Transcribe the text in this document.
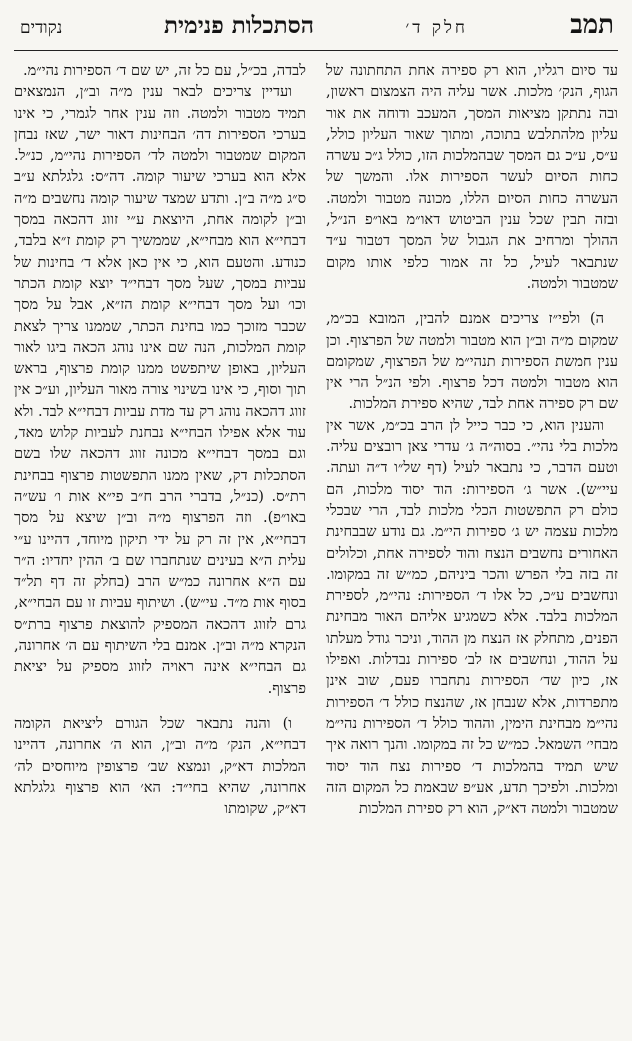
תמב
חלק ד׳
הסתכלות פנימית
נקודים

עד סיום רגליו, הוא רק ספירה אחת התחתונה של הגוף, הנק׳ מלכות. אשר עליה היה הצמצום ראשון, ובה נתתקן מציאות המסך, המעכב ודוחה את אור עליון מלהתלבש בתוכה, ומתוך שאור העליון כולל, ע״ס, ע״כ גם המסך שבהמלכות הזו, כולל ג״כ עשרה כחות הסיום לעשר הספירות אלו. והמשך של העשרה כחות הסיום הללו, מכונה מטבור ולמטה. ובזה תבין שכל ענין הביטוש דאו״מ באו״פ הנ״ל, ההולך ומרחיב את הגבול של המסך דטבור ע״ד שנתבאר לעיל, כל זה אמור כלפי אותו מקום שמטבור ולמטה.

ה) ולפי״ז צריכים אמנם להבין, המובא בכ״מ, שמקום מ״ה וב״ן הוא מטבור ולמטה של הפרצוף. וכן ענין חמשת הספירות תנהי״מ של הפרצוף, שמקומם הוא מטבור ולמטה דכל פרצוף. ולפי הנ״ל הרי אין שם רק ספירה אחת לבד, שהיא ספירת המלכות.

והענין הוא, כי כבר כייל לן הרב בכ״מ, אשר אין מלכות בלי נהי״. בסוה״ה ג׳ עדרי צאן רובצים עליה. וטעם הדבר, כי נתבאר לעיל (דף של״ו ד״ה ועתה. עיי״ש). אשר ג׳ הספירות: הוד יסוד מלכות, הם כולם רק התפשטות הכלי מלכות לבד, הרי שבכלי מלכות עצמה יש ג׳ ספירות הי״מ. גם נודע שבבחינת האחורים נחשבים הנצח והוד לספירה אחת, וכלולים זה בזה בלי הפרש והכר ביניהם, כמ״ש זה במקומו. ונחשבים ע״כ, כל אלו ד׳ הספירות: נהי״מ, לספירת המלכות בלבד. אלא כשמגיע אליהם האור מבחינת הפנים, מתחלק אז הנצח מן ההוד, וניכר גודל מעלתו על ההוד, ונחשבים אז לב׳ ספירות נבדלות. ואפילו אז, כיון שד׳ הספירות נתחברו פעם, שוב אינן מתפרדות, אלא שנבחן אז, שהנצח כולל ד׳ הספירות נהי״מ מבחינת הימין, וההוד כולל ד׳ הספירות נהי״מ מבחי׳ השמאל. כמ״ש כל זה במקומו. והנך רואה איך שיש תמיד בהמלכות ד׳ ספירות נצח הוד יסוד ומלכות. ולפיכך תדע, אע״פ שבאמת כל המקום הזה שמטבור ולמטה דא״ק, הוא רק ספירת המלכות

לבדה, בכ״ל, עם כל זה, יש שם ד׳ הספירות נהי״מ.

ועדיין צריכים לבאר ענין מ״ה וב״ן, הנמצאים תמיד מטבור ולמטה. וזה ענין אחר לגמרי, כי אינו בערכי הספירות דה׳ הבחינות דאור ישר, שאז נבחן המקום שמטבור ולמטה לד׳ הספירות נהי״מ, כנ״ל. אלא הוא בערכי שיעור קומה. דה״ס: גלגלתא ע״ב ס״ג מ״ה ב״ן. ותדע שמצד שיעור קומה נחשבים מ״ה וב״ן לקומה אחת, היוצאת ע״י זווג דהכאה במסך דבחי״א הוא מבחי״א, שממשיך רק קומת ז״א בלבד, כנודע. והטעם הוא, כי אין כאן אלא ד׳ בחינות של עביות במסך, שעל מסך דבחי״ד יוצא קומת הכתר וכו׳ ועל מסך דבחי״א קומת הז״א, אבל על מסך שכבר מזוכך כמו בחינת הכתר, שממנו צריך לצאת קומת המלכות, הנה שם אינו נוהג הכאה ביגו לאור העליון, באופן שיתפשט ממנו קומת פרצוף, בראש תוך וסוף, כי אינו בשינוי צורה מאור העליון, וע״כ אין זווג דהכאה נוהג רק עד מדת עביות דבחי״א לבד. ולא עוד אלא אפילו הבחי״א נבחנת לעביות קלוש מאד, וגם במסך דבחי״א מכונה זווג דהכאה שלו בשם הסתכלות דק, שאין ממנו התפשטות פרצוף בבחינת רת״ס. (כנ״ל, בדברי הרב ח״ב פי״א אות ו׳ עש״ה באו״פ). וזה הפרצוף מ״ה וב״ן שיצא על מסך דבחי״א, אין זה רק על ידי תיקון מיוחד, דהיינו ע״י עלית ה״א בעינים שנתחברו שם ב׳ ההין יחדיו: ה״ר עם ה״א אחרונה כמ״ש הרב (בחלק זה דף תל״ד בסוף אות מ״ד. עי״ש). ושיתוף עביות זו עם הבחי״א, גרם לזווג דהכאה המספיק להוצאת פרצוף ברת״ס הנקרא מ״ה וב״ן. אמנם בלי השיתוף עם ה׳ אחרונה, גם הבחי״א אינה ראויה לזווג מספיק על יציאת פרצוף.

ו) והנה נתבאר שכל הגורם ליציאת הקומה דבחי״א, הנק׳ מ״ה וב״ן, הוא ה׳ אחרונה, דהיינו המלכות דא״ק, ונמצא שב׳ פרצופין מיוחסים לה׳ אחרונה, שהיא בחי״ד: הא׳ הוא פרצוף גלגלתא דא״ק, שקומתו
